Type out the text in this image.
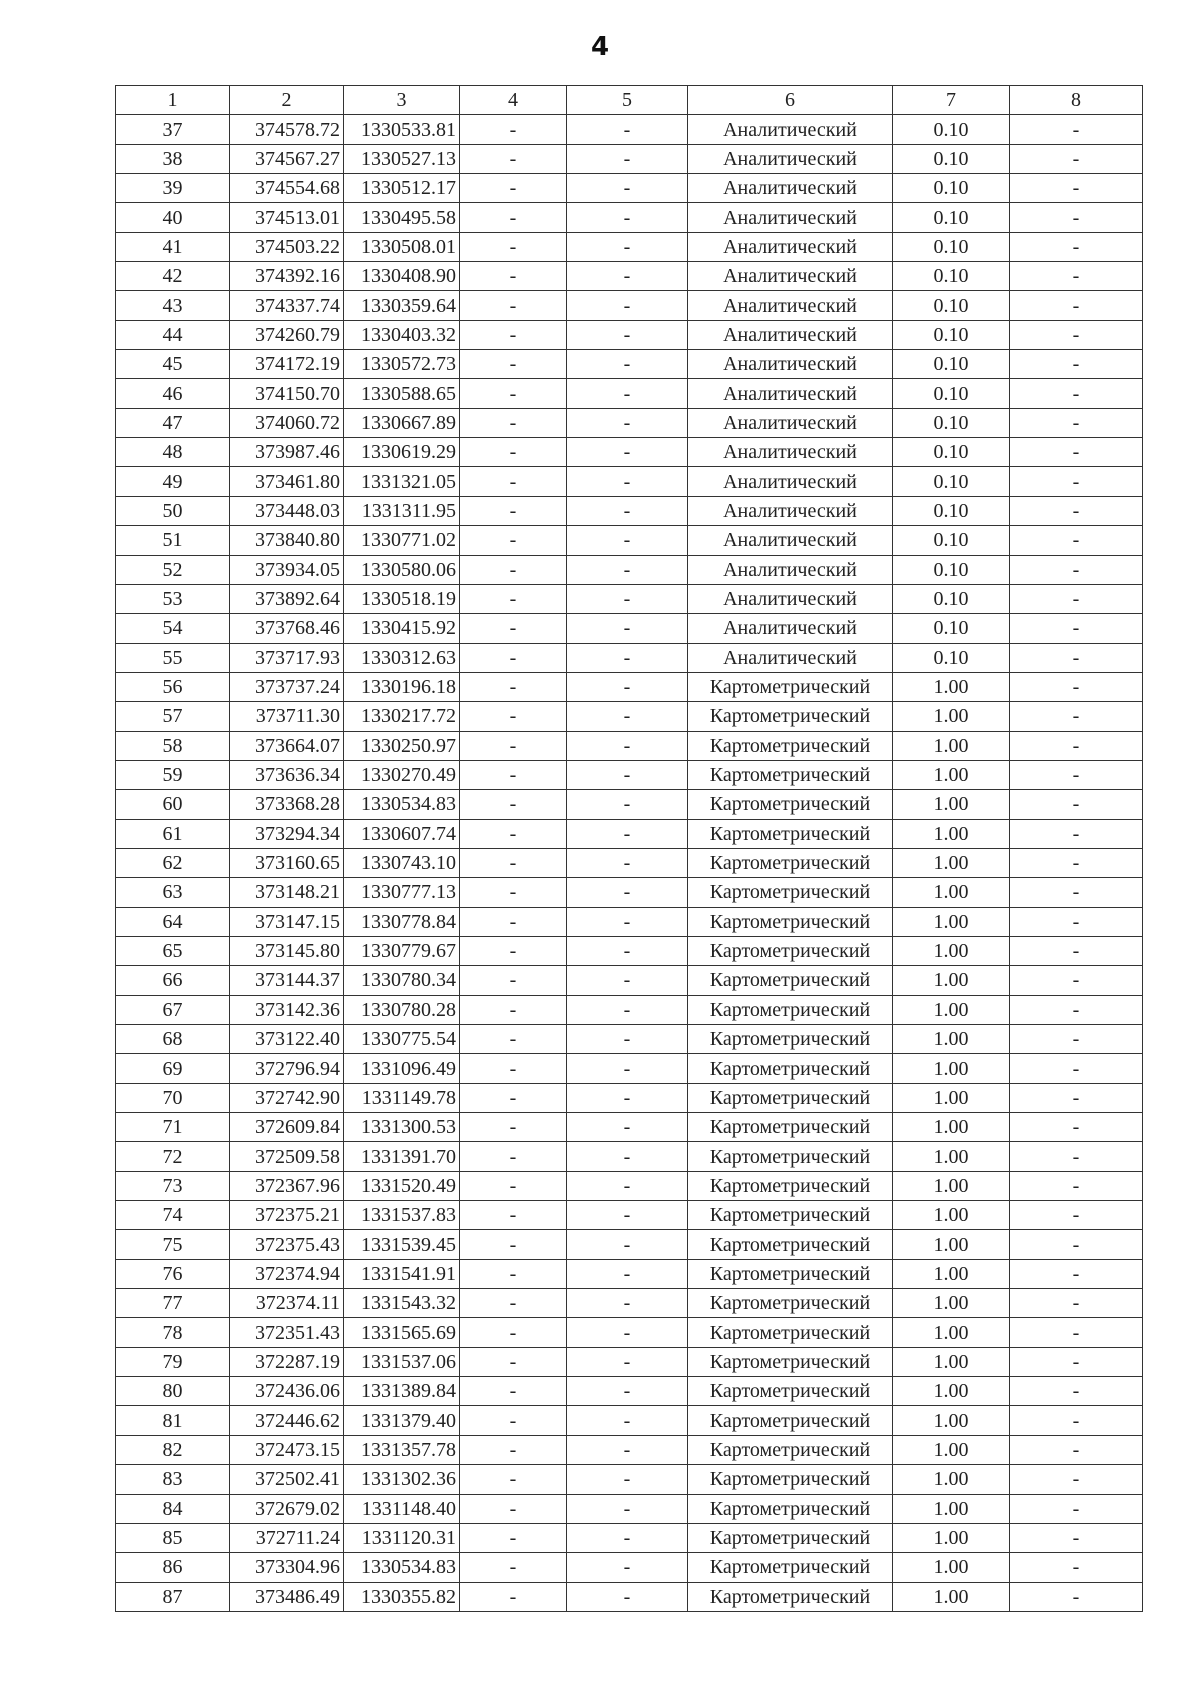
4
1	2	3	4	5	6	7	8
37	374578.72	1330533.81	-	-	Аналитический	0.10	-
38	374567.27	1330527.13	-	-	Аналитический	0.10	-
39	374554.68	1330512.17	-	-	Аналитический	0.10	-
40	374513.01	1330495.58	-	-	Аналитический	0.10	-
41	374503.22	1330508.01	-	-	Аналитический	0.10	-
42	374392.16	1330408.90	-	-	Аналитический	0.10	-
43	374337.74	1330359.64	-	-	Аналитический	0.10	-
44	374260.79	1330403.32	-	-	Аналитический	0.10	-
45	374172.19	1330572.73	-	-	Аналитический	0.10	-
46	374150.70	1330588.65	-	-	Аналитический	0.10	-
47	374060.72	1330667.89	-	-	Аналитический	0.10	-
48	373987.46	1330619.29	-	-	Аналитический	0.10	-
49	373461.80	1331321.05	-	-	Аналитический	0.10	-
50	373448.03	1331311.95	-	-	Аналитический	0.10	-
51	373840.80	1330771.02	-	-	Аналитический	0.10	-
52	373934.05	1330580.06	-	-	Аналитический	0.10	-
53	373892.64	1330518.19	-	-	Аналитический	0.10	-
54	373768.46	1330415.92	-	-	Аналитический	0.10	-
55	373717.93	1330312.63	-	-	Аналитический	0.10	-
56	373737.24	1330196.18	-	-	Картометрический	1.00	-
57	373711.30	1330217.72	-	-	Картометрический	1.00	-
58	373664.07	1330250.97	-	-	Картометрический	1.00	-
59	373636.34	1330270.49	-	-	Картометрический	1.00	-
60	373368.28	1330534.83	-	-	Картометрический	1.00	-
61	373294.34	1330607.74	-	-	Картометрический	1.00	-
62	373160.65	1330743.10	-	-	Картометрический	1.00	-
63	373148.21	1330777.13	-	-	Картометрический	1.00	-
64	373147.15	1330778.84	-	-	Картометрический	1.00	-
65	373145.80	1330779.67	-	-	Картометрический	1.00	-
66	373144.37	1330780.34	-	-	Картометрический	1.00	-
67	373142.36	1330780.28	-	-	Картометрический	1.00	-
68	373122.40	1330775.54	-	-	Картометрический	1.00	-
69	372796.94	1331096.49	-	-	Картометрический	1.00	-
70	372742.90	1331149.78	-	-	Картометрический	1.00	-
71	372609.84	1331300.53	-	-	Картометрический	1.00	-
72	372509.58	1331391.70	-	-	Картометрический	1.00	-
73	372367.96	1331520.49	-	-	Картометрический	1.00	-
74	372375.21	1331537.83	-	-	Картометрический	1.00	-
75	372375.43	1331539.45	-	-	Картометрический	1.00	-
76	372374.94	1331541.91	-	-	Картометрический	1.00	-
77	372374.11	1331543.32	-	-	Картометрический	1.00	-
78	372351.43	1331565.69	-	-	Картометрический	1.00	-
79	372287.19	1331537.06	-	-	Картометрический	1.00	-
80	372436.06	1331389.84	-	-	Картометрический	1.00	-
81	372446.62	1331379.40	-	-	Картометрический	1.00	-
82	372473.15	1331357.78	-	-	Картометрический	1.00	-
83	372502.41	1331302.36	-	-	Картометрический	1.00	-
84	372679.02	1331148.40	-	-	Картометрический	1.00	-
85	372711.24	1331120.31	-	-	Картометрический	1.00	-
86	373304.96	1330534.83	-	-	Картометрический	1.00	-
87	373486.49	1330355.82	-	-	Картометрический	1.00	-
